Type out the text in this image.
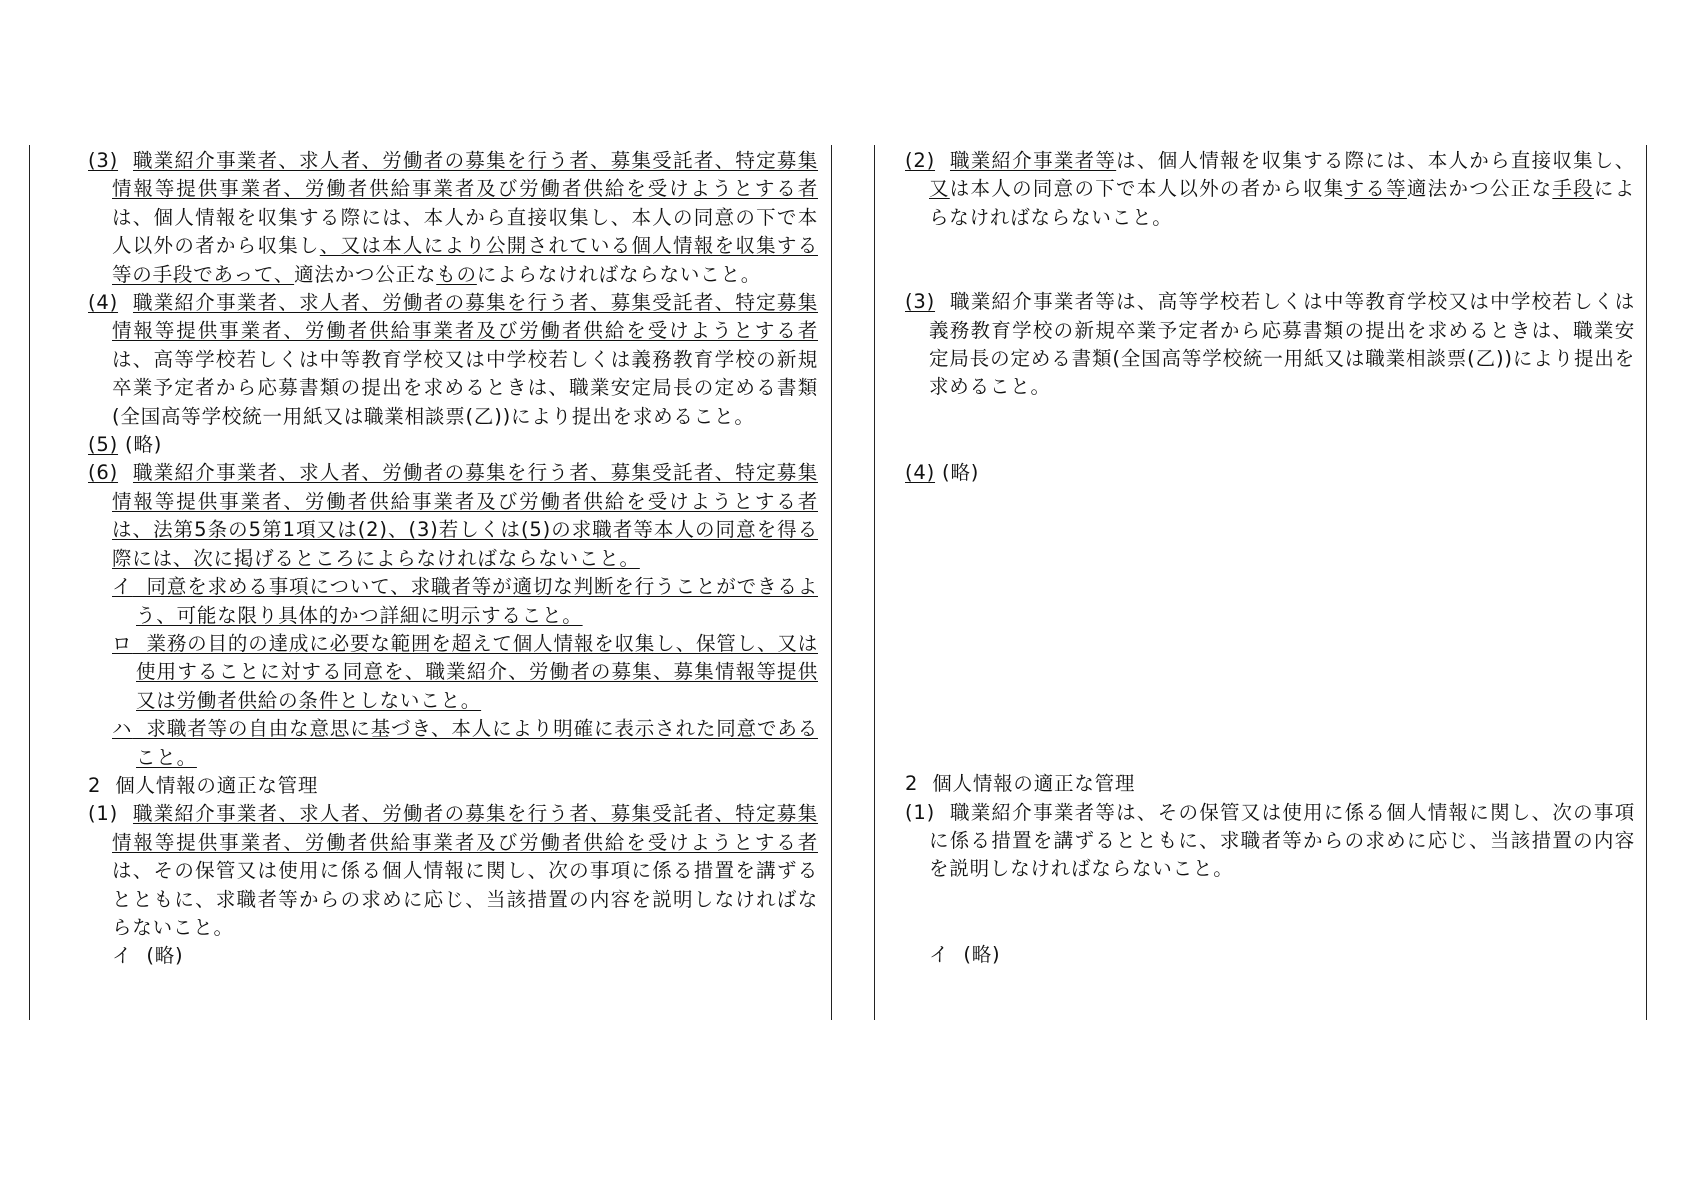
(3) 職業紹介事業者、求人者、労働者の募集を行う者、募集受託者、特定募集情報等提供事業者、労働者供給事業者及び労働者供給を受けようとする者は、個人情報を収集する際には、本人から直接収集し、本人の同意の下で本人以外の者から収集し、又は本人により公開されている個人情報を収集する等の手段であって、適法かつ公正なものによらなければならないこと。
(4) 職業紹介事業者、求人者、労働者の募集を行う者、募集受託者、特定募集情報等提供事業者、労働者供給事業者及び労働者供給を受けようとする者は、高等学校若しくは中等教育学校又は中学校若しくは義務教育学校の新規卒業予定者から応募書類の提出を求めるときは、職業安定局長の定める書類(全国高等学校統一用紙又は職業相談票(乙))により提出を求めること。
(5) (略)
(6) 職業紹介事業者、求人者、労働者の募集を行う者、募集受託者、特定募集情報等提供事業者、労働者供給事業者及び労働者供給を受けようとする者は、法第5条の5第1項又は(2)、(3)若しくは(5)の求職者等本人の同意を得る際には、次に掲げるところによらなければならないこと。
イ 同意を求める事項について、求職者等が適切な判断を行うことができるよう、可能な限り具体的かつ詳細に明示すること。
ロ 業務の目的の達成に必要な範囲を超えて個人情報を収集し、保管し、又は使用することに対する同意を、職業紹介、労働者の募集、募集情報等提供又は労働者供給の条件としないこと。
ハ 求職者等の自由な意思に基づき、本人により明確に表示された同意であること。
2 個人情報の適正な管理
(1) 職業紹介事業者、求人者、労働者の募集を行う者、募集受託者、特定募集情報等提供事業者、労働者供給事業者及び労働者供給を受けようとする者は、その保管又は使用に係る個人情報に関し、次の事項に係る措置を講ずるとともに、求職者等からの求めに応じ、当該措置の内容を説明しなければならないこと。
イ (略)
(2) 職業紹介事業者等は、個人情報を収集する際には、本人から直接収集し、又は本人の同意の下で本人以外の者から収集する等適法かつ公正な手段によらなければならないこと。
(3) 職業紹介事業者等は、高等学校若しくは中等教育学校又は中学校若しくは義務教育学校の新規卒業予定者から応募書類の提出を求めるときは、職業安定局長の定める書類(全国高等学校統一用紙又は職業相談票(乙))により提出を求めること。
(4) (略)
2 個人情報の適正な管理
(1) 職業紹介事業者等は、その保管又は使用に係る個人情報に関し、次の事項に係る措置を講ずるとともに、求職者等からの求めに応じ、当該措置の内容を説明しなければならないこと。
イ (略)
